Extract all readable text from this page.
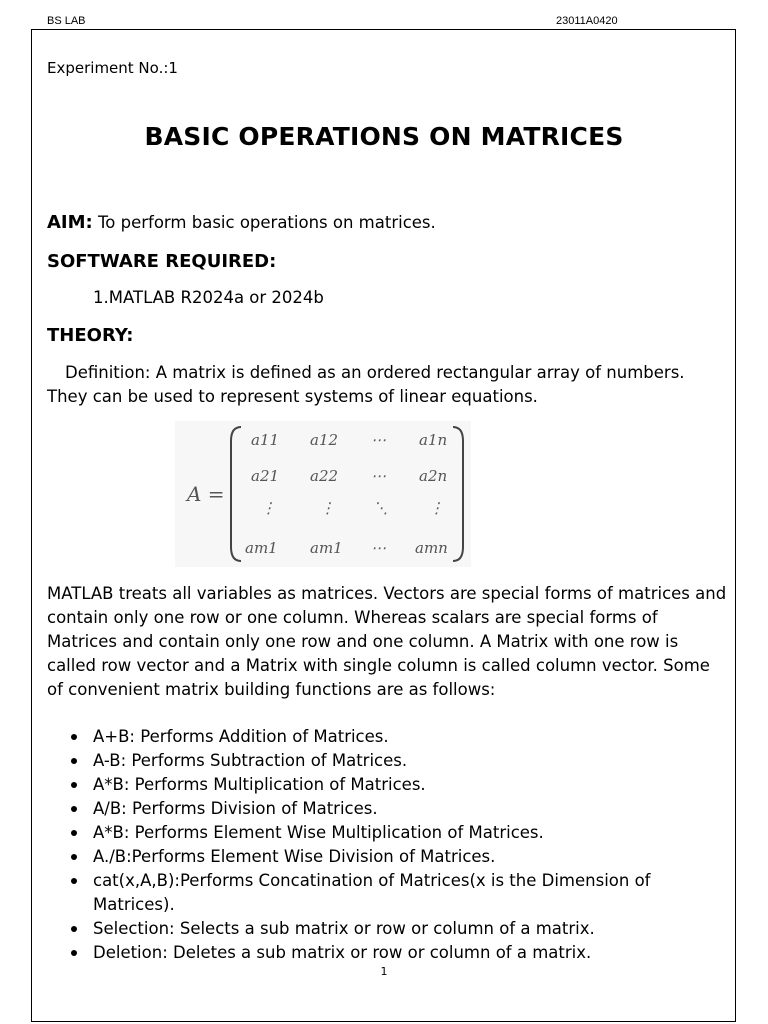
BS LAB	23011A0420
Experiment No.:1
BASIC OPERATIONS ON MATRICES
AIM: To perform basic operations on matrices.
SOFTWARE REQUIRED:
1.MATLAB R2024a or 2024b
THEORY:
Definition: A matrix is defined as an ordered rectangular array of numbers. They can be used to represent systems of linear equations.
A =
a11 a12 ⋯ a1n
a21 a22 ⋯ a2n
⋮	⋮	⋱	⋮
am1 am1 ⋯ amn
MATLAB treats all variables as matrices. Vectors are special forms of matrices and contain only one row or one column. Whereas scalars are special forms of Matrices and contain only one row and one column. A Matrix with one row is called row vector and a Matrix with single column is called column vector. Some of convenient matrix building functions are as follows:
A+B: Performs Addition of Matrices.
A-B: Performs Subtraction of Matrices.
A*B: Performs Multiplication of Matrices.
A/B: Performs Division of Matrices.
A*B: Performs Element Wise Multiplication of Matrices.
A./B:Performs Element Wise Division of Matrices.
cat(x,A,B):Performs Concatination of Matrices(x is the Dimension of Matrices).
Selection: Selects a sub matrix or row or column of a matrix.
Deletion: Deletes a sub matrix or row or column of a matrix.
1
